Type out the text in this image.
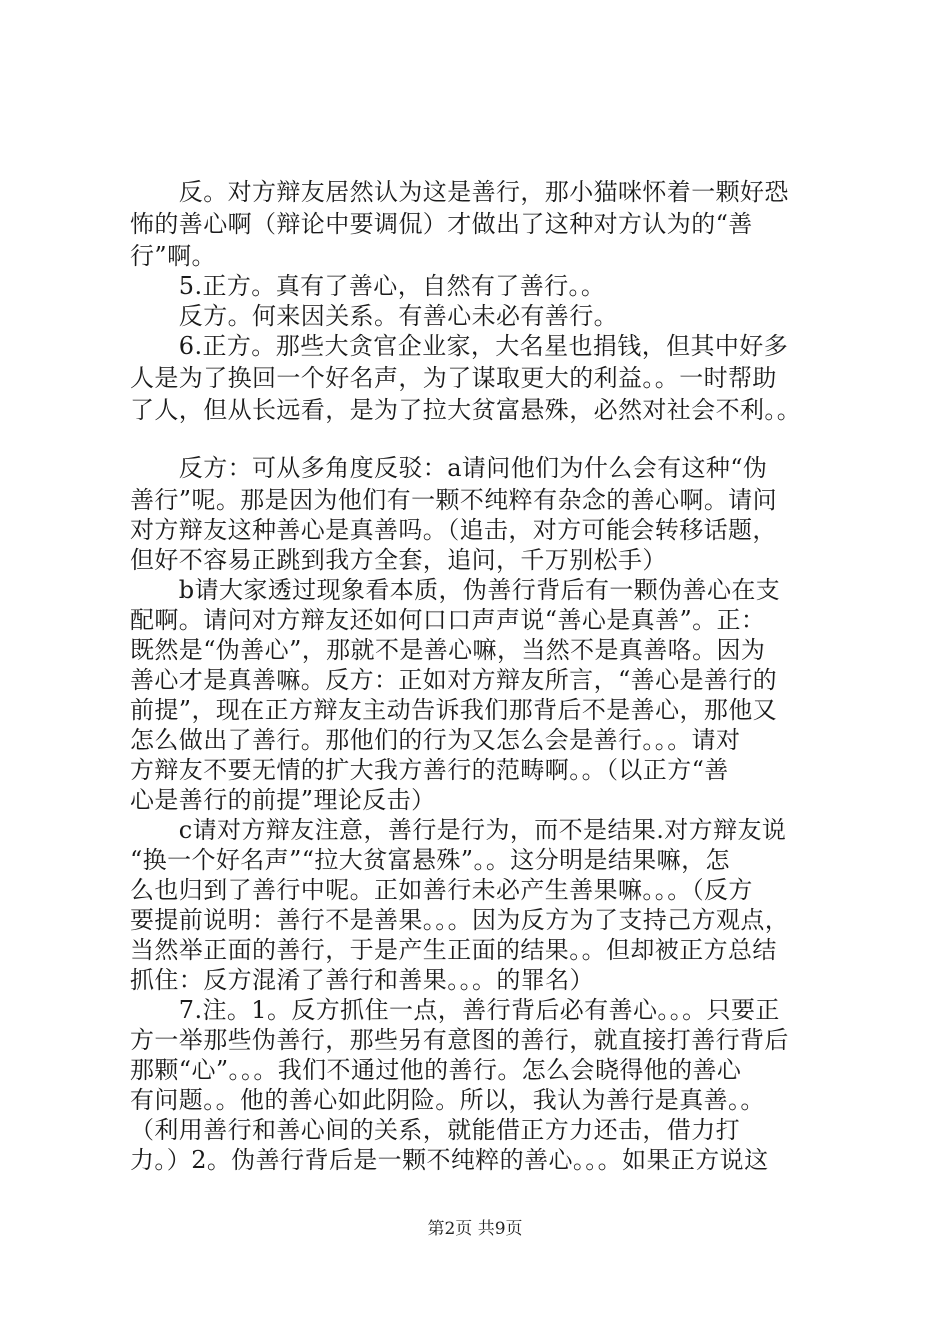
　　反。对方辩友居然认为这是善行，那小猫咪怀着一颗好恐
怖的善心啊（辩论中要调侃）才做出了这种对方认为的“善
行”啊。
　　5.正方。真有了善心，自然有了善行。。
　　反方。何来因关系。有善心未必有善行。
　　6.正方。那些大贪官企业家，大名星也捐钱，但其中好多
人是为了换回一个好名声，为了谋取更大的利益。。一时帮助
了人，但从长远看，是为了拉大贫富悬殊，必然对社会不利。。
　　反方：可从多角度反驳：a请问他们为什么会有这种“伪
善行”呢。那是因为他们有一颗不纯粹有杂念的善心啊。请问
对方辩友这种善心是真善吗。（追击，对方可能会转移话题，
但好不容易正跳到我方全套，追问，千万别松手）
　　b请大家透过现象看本质，伪善行背后有一颗伪善心在支
配啊。请问对方辩友还如何口口声声说“善心是真善”。正：
既然是“伪善心”，那就不是善心嘛，当然不是真善咯。因为
善心才是真善嘛。反方：正如对方辩友所言，“善心是善行的
前提”，现在正方辩友主动告诉我们那背后不是善心，那他又
怎么做出了善行。那他们的行为又怎么会是善行。。。请对
方辩友不要无情的扩大我方善行的范畴啊。。（以正方“善
心是善行的前提”理论反击）
　　c请对方辩友注意，善行是行为，而不是结果.对方辩友说
“换一个好名声”“拉大贫富悬殊”。。这分明是结果嘛，怎
么也归到了善行中呢。正如善行未必产生善果嘛。。。（反方
要提前说明：善行不是善果。。。因为反方为了支持己方观点，
当然举正面的善行，于是产生正面的结果。。但却被正方总结
抓住：反方混淆了善行和善果。。。的罪名）
　　7.注。1。反方抓住一点，善行背后必有善心。。。只要正
方一举那些伪善行，那些另有意图的善行，就直接打善行背后
那颗“心”。。。我们不通过他的善行。怎么会晓得他的善心
有问题。。他的善心如此阴险。所以，我认为善行是真善。。
（利用善行和善心间的关系，就能借正方力还击，借力打
力。）2。伪善行背后是一颗不纯粹的善心。。。如果正方说这
第2页 共9页
